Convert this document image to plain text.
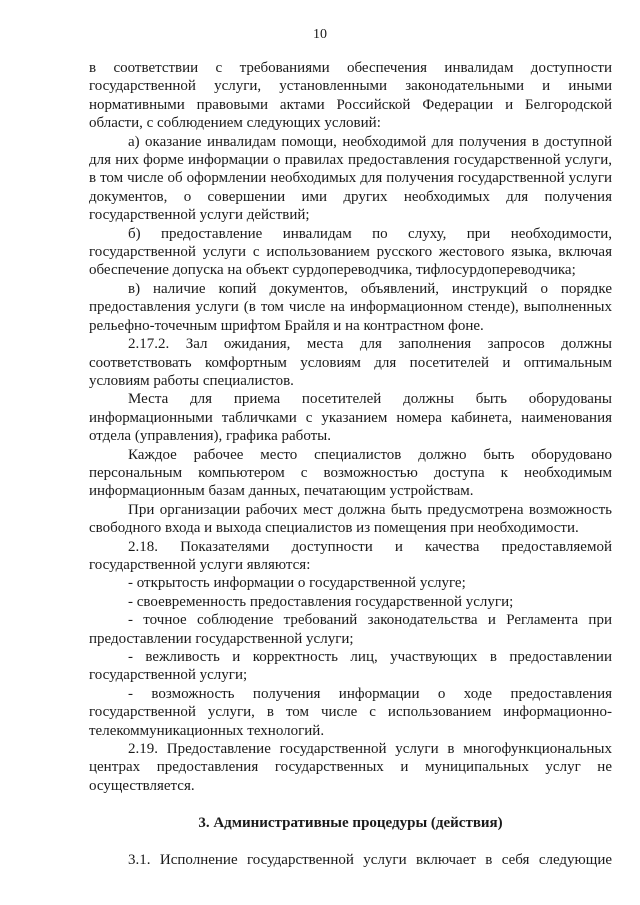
10

в соответствии с требованиями обеспечения инвалидам доступности государственной услуги, установленными законодательными и иными нормативными правовыми актами Российской Федерации и Белгородской области, с соблюдением следующих условий:

а) оказание инвалидам помощи, необходимой для получения в доступной для них форме информации о правилах предоставления государственной услуги, в том числе об оформлении необходимых для получения государственной услуги документов, о совершении ими других необходимых для получения государственной услуги действий;

б) предоставление инвалидам по слуху, при необходимости, государственной услуги с использованием русского жестового языка, включая обеспечение допуска на объект сурдопереводчика, тифлосурдопереводчика;

в) наличие копий документов, объявлений, инструкций о порядке предоставления услуги (в том числе на информационном стенде), выполненных рельефно-точечным шрифтом Брайля и на контрастном фоне.

2.17.2. Зал ожидания, места для заполнения запросов должны соответствовать комфортным условиям для посетителей и оптимальным условиям работы специалистов.

Места для приема посетителей должны быть оборудованы информационными табличками с указанием номера кабинета, наименования отдела (управления), графика работы.

Каждое рабочее место специалистов должно быть оборудовано персональным компьютером с возможностью доступа к необходимым информационным базам данных, печатающим устройствам.

При организации рабочих мест должна быть предусмотрена возможность свободного входа и выхода специалистов из помещения при необходимости.

2.18. Показателями доступности и качества предоставляемой государственной услуги являются:

- открытость информации о государственной услуге;

- своевременность предоставления государственной услуги;

- точное соблюдение требований законодательства и Регламента при предоставлении государственной услуги;

- вежливость и корректность лиц, участвующих в предоставлении государственной услуги;

- возможность получения информации о ходе предоставления государственной услуги, в том числе с использованием информационно-телекоммуникационных технологий.

2.19. Предоставление государственной услуги в многофункциональных центрах предоставления государственных и муниципальных услуг не осуществляется.

3. Административные процедуры (действия)

3.1. Исполнение государственной услуги включает в себя следующие
